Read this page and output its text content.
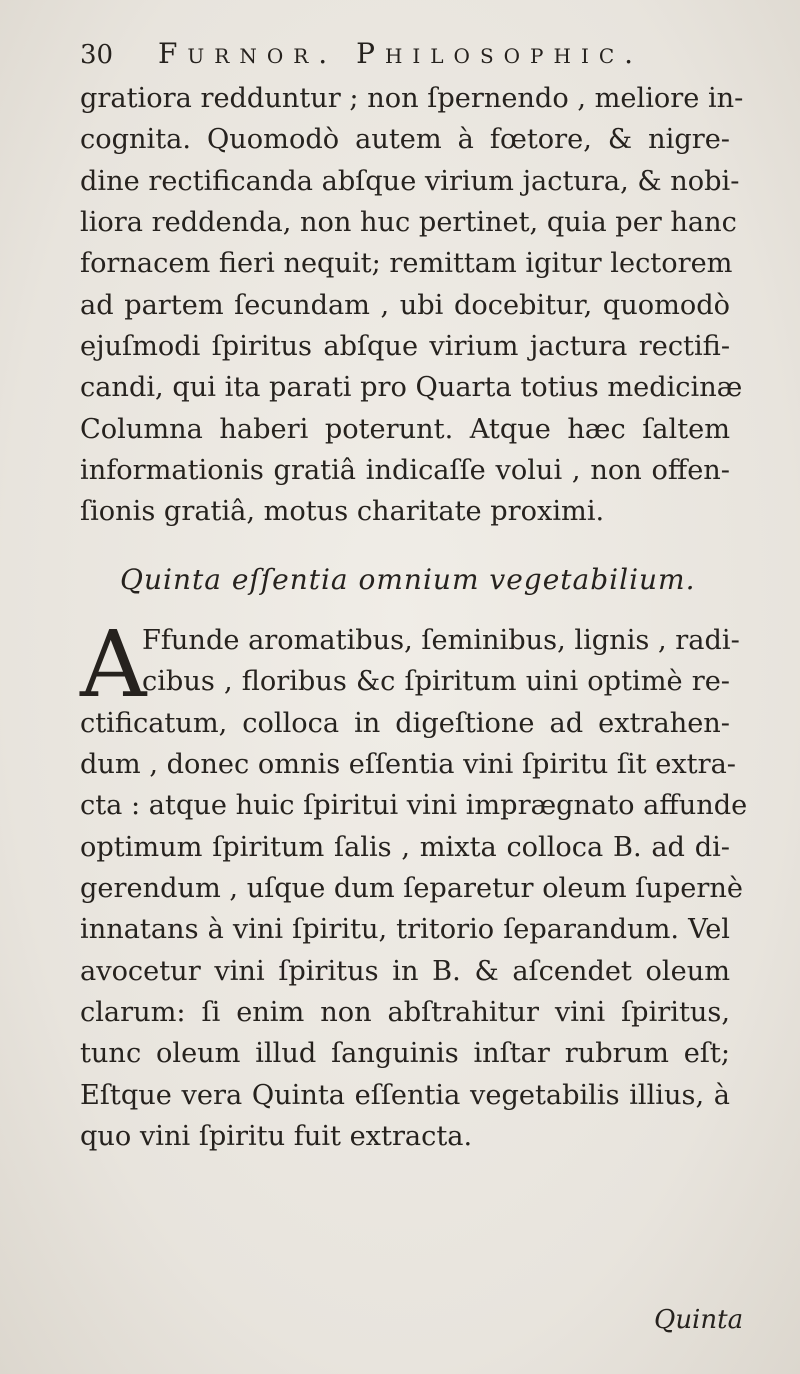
30 Furnor. Philosophic.
gratiora redduntur ; non ſpernendo , meliore in-
cognita. Quomodò autem à fœtore, & nigre-
dine rectificanda abſque virium jactura, & nobi-
liora reddenda, non huc pertinet, quia per hanc
fornacem fieri nequit; remittam igitur lectorem
ad partem ſecundam , ubi docebitur, quomodò
ejuſmodi ſpiritus abſque virium jactura rectifi-
candi, qui ita parati pro Quarta totius medicinæ
Columna haberi poterunt. Atque hæc ſaltem
informationis gratiâ indicaſſe volui , non offen-
ſionis gratiâ, motus charitate proximi.
Quinta eſſentia omnium vegetabilium.
A
Ffunde aromatibus, ſeminibus, lignis , radi-
cibus , floribus &c ſpiritum uini optimè re-
ctificatum, colloca in digeſtione ad extrahen-
dum , donec omnis eſſentia vini ſpiritu ſit extra-
cta : atque huic ſpiritui vini imprægnato affunde
optimum ſpiritum ſalis , mixta colloca B. ad di-
gerendum , uſque dum ſeparetur oleum ſupernè
innatans à vini ſpiritu, tritorio ſeparandum. Vel
avocetur vini ſpiritus in B. & aſcendet oleum
clarum: ſi enim non abſtrahitur vini ſpiritus,
tunc oleum illud ſanguinis inſtar rubrum eſt;
Eſtque vera Quinta eſſentia vegetabilis illius, à
quo vini ſpiritu fuit extracta.
Quinta
